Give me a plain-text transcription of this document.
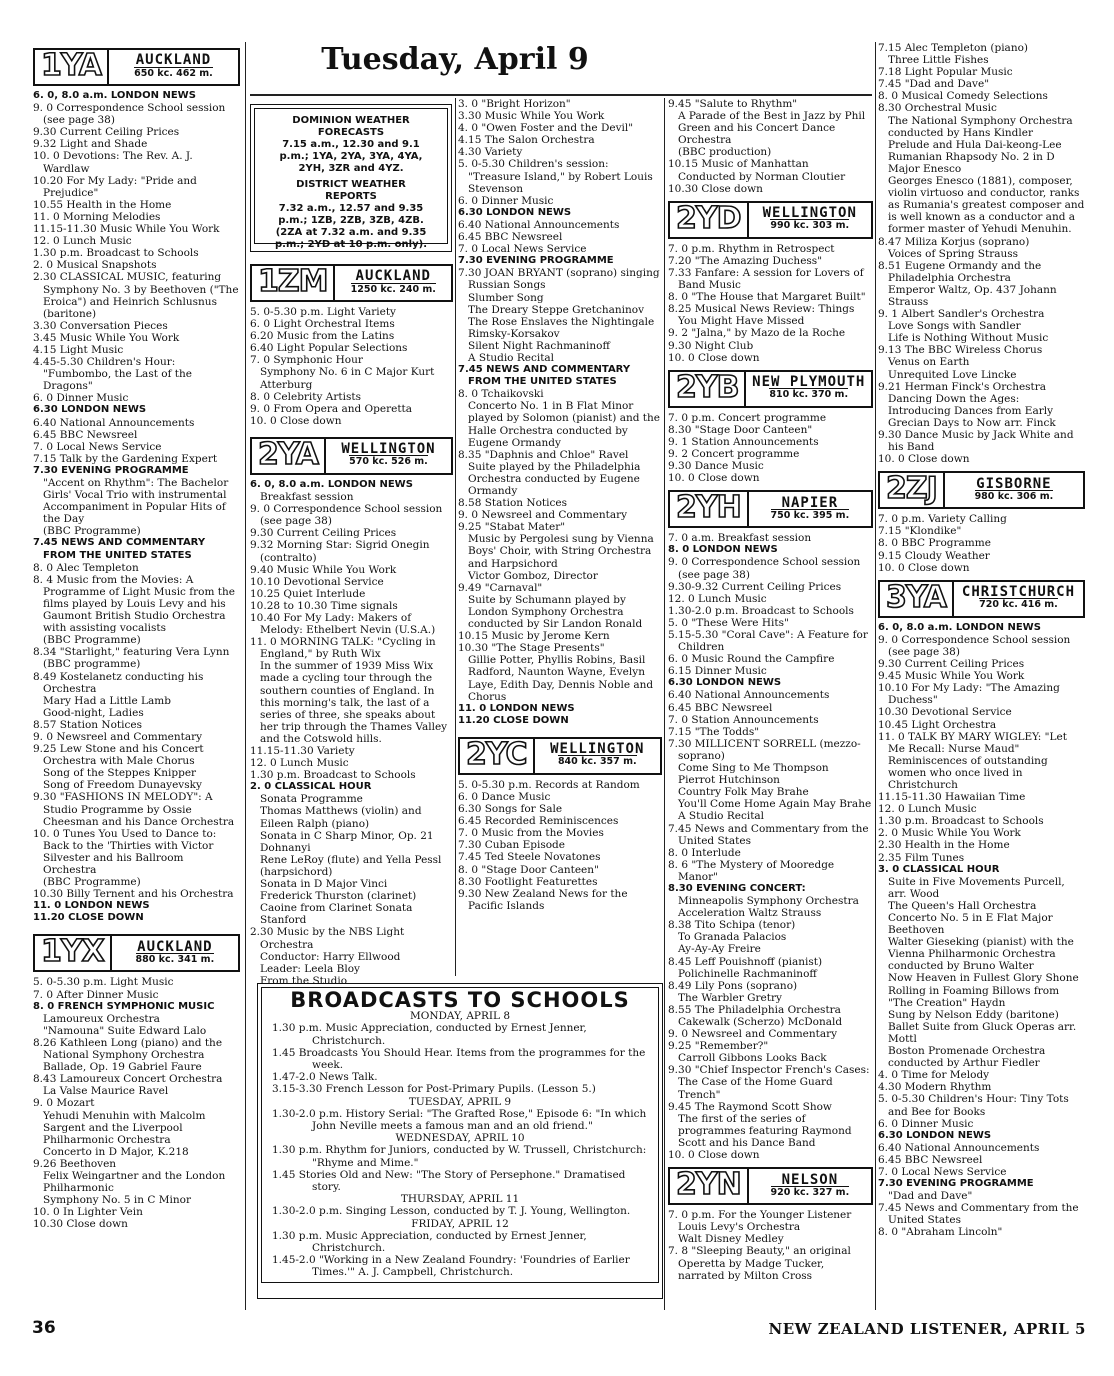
Tuesday, April 9
DOMINION WEATHER
FORECASTS
7.15 a.m., 12.30 and 9.1
p.m.; 1YA, 2YA, 3YA, 4YA,
2YH, 3ZR and 4YZ.
DISTRICT WEATHER
REPORTS
7.32 a.m., 12.57 and 9.35
p.m.; 1ZB, 2ZB, 3ZB, 4ZB.
(2ZA at 7.32 a.m. and 9.35
p.m.; 2YD at 10 p.m. only).
1YA	AUCKLAND
650 kc. 462 m.
6. 0, 8.0 a.m. LONDON NEWS
9. 0 Correspondence School session (see page 38)
9.30 Current Ceiling Prices
9.32 Light and Shade
10. 0 Devotions: The Rev. A. J. Wardlaw
10.20 For My Lady: "Pride and Prejudice"
10.55 Health in the Home
11. 0 Morning Melodies
11.15-11.30 Music While You Work
12. 0 Lunch Music
1.30 p.m. Broadcast to Schools
2. 0 Musical Snapshots
2.30 CLASSICAL MUSIC, featuring Symphony No. 3 by Beethoven ("The Eroica") and Heinrich Schlusnus (baritone)
3.30 Conversation Pieces
3.45 Music While You Work
4.15 Light Music
4.45-5.30 Children's Hour: "Fumbombo, the Last of the Dragons"
6. 0 Dinner Music
6.30 LONDON NEWS
6.40 National Announcements
6.45 BBC Newsreel
7. 0 Local News Service
7.15 Talk by the Gardening Expert
7.30 EVENING PROGRAMME
"Accent on Rhythm": The Bachelor Girls' Vocal Trio with instrumental Accompaniment in Popular Hits of the Day
(BBC Programme)
7.45 NEWS AND COMMENTARY FROM THE UNITED STATES
8. 0 Alec Templeton
8. 4 Music from the Movies: A Programme of Light Music from the films played by Louis Levy and his Gaumont British Studio Orchestra with assisting vocalists
(BBC Programme)
8.34 "Starlight," featuring Vera Lynn (BBC programme)
8.49 Kostelanetz conducting his Orchestra
Mary Had a Little Lamb
Good-night, Ladies
8.57 Station Notices
9. 0 Newsreel and Commentary
9.25 Lew Stone and his Concert Orchestra with Male Chorus
Song of the Steppes Knipper
Song of Freedom Dunayevsky
9.30 "FASHIONS IN MELODY": A Studio Programme by Ossie Cheesman and his Dance Orchestra
10. 0 Tunes You Used to Dance to: Back to the 'Thirties with Victor Silvester and his Ballroom Orchestra
(BBC Programme)
10.30 Billy Ternent and his Orchestra
11. 0 LONDON NEWS
11.20 CLOSE DOWN
1YX	AUCKLAND
880 kc. 341 m.
5. 0-5.30 p.m. Light Music
7. 0 After Dinner Music
8. 0 FRENCH SYMPHONIC MUSIC
Lamoureux Orchestra
"Namouna" Suite Edward Lalo
8.26 Kathleen Long (piano) and the National Symphony Orchestra
Ballade, Op. 19 Gabriel Faure
8.43 Lamoureux Concert Orchestra
La Valse Maurice Ravel
9. 0 Mozart
Yehudi Menuhin with Malcolm Sargent and the Liverpool Philharmonic Orchestra
Concerto in D Major, K.218
9.26 Beethoven
Felix Weingartner and the London Philharmonic
Symphony No. 5 in C Minor
10. 0 In Lighter Vein
10.30 Close down
1ZM	AUCKLAND
1250 kc. 240 m.
5. 0-5.30 p.m. Light Variety
6. 0 Light Orchestral Items
6.20 Music from the Latins
6.40 Light Popular Selections
7. 0 Symphonic Hour
Symphony No. 6 in C Major Kurt Atterburg
8. 0 Celebrity Artists
9. 0 From Opera and Operetta
10. 0 Close down
2YA	WELLINGTON
570 kc. 526 m.
6. 0, 8.0 a.m. LONDON NEWS
Breakfast session
9. 0 Correspondence School session (see page 38)
9.30 Current Ceiling Prices
9.32 Morning Star: Sigrid Onegin (contralto)
9.40 Music While You Work
10.10 Devotional Service
10.25 Quiet Interlude
10.28 to 10.30 Time signals
10.40 For My Lady: Makers of Melody: Ethelbert Nevin (U.S.A.)
11. 0 MORNING TALK: "Cycling in England," by Ruth Wix
In the summer of 1939 Miss Wix made a cycling tour through the southern counties of England. In this morning's talk, the last of a series of three, she speaks about her trip through the Thames Valley and the Cotswold hills.
11.15-11.30 Variety
12. 0 Lunch Music
1.30 p.m. Broadcast to Schools
2. 0 CLASSICAL HOUR
Sonata Programme
Thomas Matthews (violin) and Eileen Ralph (piano)
Sonata in C Sharp Minor, Op. 21 Dohnanyi
Rene LeRoy (flute) and Yella Pessl (harpsichord)
Sonata in D Major Vinci
Frederick Thurston (clarinet)
Caoine from Clarinet Sonata Stanford
2.30 Music by the NBS Light Orchestra
Conductor: Harry Ellwood
Leader: Leela Bloy
From the Studio
3. 0 "Bright Horizon"
3.30 Music While You Work
4. 0 "Owen Foster and the Devil"
4.15 The Salon Orchestra
4.30 Variety
5. 0-5.30 Children's session: "Treasure Island," by Robert Louis Stevenson
6. 0 Dinner Music
6.30 LONDON NEWS
6.40 National Announcements
6.45 BBC Newsreel
7. 0 Local News Service
7.30 EVENING PROGRAMME
7.30 JOAN BRYANT (soprano) singing Russian Songs
Slumber Song
The Dreary Steppe Gretchaninov
The Rose Enslaves the Nightingale Rimsky-Korsakov
Silent Night Rachmaninoff
A Studio Recital
7.45 NEWS AND COMMENTARY FROM THE UNITED STATES
8. 0 Tchaikovski
Concerto No. 1 in B Flat Minor played by Solomon (pianist) and the Halle Orchestra conducted by Eugene Ormandy
8.35 "Daphnis and Chloe" Ravel
Suite played by the Philadelphia Orchestra conducted by Eugene Ormandy
8.58 Station Notices
9. 0 Newsreel and Commentary
9.25 "Stabat Mater"
Music by Pergolesi sung by Vienna Boys' Choir, with String Orchestra and Harpsichord
Victor Gomboz, Director
9.49 "Carnaval"
Suite by Schumann played by London Symphony Orchestra conducted by Sir Landon Ronald
10.15 Music by Jerome Kern
10.30 "The Stage Presents"
Gillie Potter, Phyllis Robins, Basil Radford, Naunton Wayne, Evelyn Laye, Edith Day, Dennis Noble and Chorus
11. 0 LONDON NEWS
11.20 CLOSE DOWN
2YC	WELLINGTON
840 kc. 357 m.
5. 0-5.30 p.m. Records at Random
6. 0 Dance Music
6.30 Songs for Sale
6.45 Recorded Reminiscences
7. 0 Music from the Movies
7.30 Cuban Episode
7.45 Ted Steele Novatones
8. 0 "Stage Door Canteen"
8.30 Footlight Featurettes
9.30 New Zealand News for the Pacific Islands
9.45 "Salute to Rhythm"
A Parade of the Best in Jazz by Phil Green and his Concert Dance Orchestra
(BBC production)
10.15 Music of Manhattan
Conducted by Norman Cloutier
10.30 Close down
2YD	WELLINGTON
990 kc. 303 m.
7. 0 p.m. Rhythm in Retrospect
7.20 "The Amazing Duchess"
7.33 Fanfare: A session for Lovers of Band Music
8. 0 "The House that Margaret Built"
8.25 Musical News Review: Things You Might Have Missed
9. 2 "Jalna," by Mazo de la Roche
9.30 Night Club
10. 0 Close down
2YB NEW PLYMOUTH
810 kc. 370 m.
7. 0 p.m. Concert programme
8.30 "Stage Door Canteen"
9. 1 Station Announcements
9. 2 Concert programme
9.30 Dance Music
10. 0 Close down
2YH	NAPIER
750 kc. 395 m.
7. 0 a.m. Breakfast session
8. 0 LONDON NEWS
9. 0 Correspondence School session (see page 38)
9.30-9.32 Current Ceiling Prices
12. 0 Lunch Music
1.30-2.0 p.m. Broadcast to Schools
5. 0 "These Were Hits"
5.15-5.30 "Coral Cave": A Feature for Children
6. 0 Music Round the Campfire
6.15 Dinner Music
6.30 LONDON NEWS
6.40 National Announcements
6.45 BBC Newsreel
7. 0 Station Announcements
7.15 "The Todds"
7.30 MILLICENT SORRELL (mezzo-soprano)
Come Sing to Me Thompson
Pierrot Hutchinson
Country Folk May Brahe
You'll Come Home Again May Brahe
A Studio Recital
7.45 News and Commentary from the United States
8. 0 Interlude
8. 6 "The Mystery of Mooredge Manor"
8.30 EVENING CONCERT:
Minneapolis Symphony Orchestra
Acceleration Waltz Strauss
8.38 Tito Schipa (tenor)
To Granada Palacios
Ay-Ay-Ay Freire
8.45 Leff Pouishnoff (pianist)
Polichinelle Rachmaninoff
8.49 Lily Pons (soprano)
The Warbler Gretry
8.55 The Philadelphia Orchestra
Cakewalk (Scherzo) McDonald
9. 0 Newsreel and Commentary
9.25 "Remember?"
Carroll Gibbons Looks Back
9.30 "Chief Inspector French's Cases: The Case of the Home Guard Trench"
9.45 The Raymond Scott Show
The first of the series of programmes featuring Raymond Scott and his Dance Band
10. 0 Close down
2YN	NELSON
920 kc. 327 m.
7. 0 p.m. For the Younger Listener
Louis Levy's Orchestra
Walt Disney Medley
7. 8 "Sleeping Beauty," an original Operetta by Madge Tucker, narrated by Milton Cross
7.15 Alec Templeton (piano)
Three Little Fishes
7.18 Light Popular Music
7.45 "Dad and Dave"
8. 0 Musical Comedy Selections
8.30 Orchestral Music
The National Symphony Orchestra conducted by Hans Kindler
Prelude and Hula Dai-keong-Lee
Rumanian Rhapsody No. 2 in D Major Enesco
Georges Enesco (1881), composer, violin virtuoso and conductor, ranks as Rumania's greatest composer and is well known as a conductor and a former master of Yehudi Menuhin.
8.47 Miliza Korjus (soprano)
Voices of Spring Strauss
8.51 Eugene Ormandy and the Philadelphia Orchestra
Emperor Waltz, Op. 437 Johann Strauss
9. 1 Albert Sandler's Orchestra
Love Songs with Sandler
Life is Nothing Without Music
9.13 The BBC Wireless Chorus
Venus on Earth
Unrequited Love Lincke
9.21 Herman Finck's Orchestra
Dancing Down the Ages: Introducing Dances from Early Grecian Days to Now arr. Finck
9.30 Dance Music by Jack White and his Band
10. 0 Close down
2ZJ	GISBORNE
980 kc. 306 m.
7. 0 p.m. Variety Calling
7.15 "Klondike"
8. 0 BBC Programme
9.15 Cloudy Weather
10. 0 Close down
3YA	CHRISTCHURCH
720 kc. 416 m.
6. 0, 8.0 a.m. LONDON NEWS
9. 0 Correspondence School session (see page 38)
9.30 Current Ceiling Prices
9.45 Music While You Work
10.10 For My Lady: "The Amazing Duchess"
10.30 Devotional Service
10.45 Light Orchestra
11. 0 TALK BY MARY WIGLEY: "Let Me Recall: Nurse Maud"
Reminiscences of outstanding women who once lived in Christchurch
11.15-11.30 Hawaiian Time
12. 0 Lunch Music
1.30 p.m. Broadcast to Schools
2. 0 Music While You Work
2.30 Health in the Home
2.35 Film Tunes
3. 0 CLASSICAL HOUR
Suite in Five Movements Purcell, arr. Wood
The Queen's Hall Orchestra
Concerto No. 5 in E Flat Major Beethoven
Walter Gieseking (pianist) with the Vienna Philharmonic Orchestra conducted by Bruno Walter
Now Heaven in Fullest Glory Shone
Rolling in Foaming Billows from "The Creation" Haydn
Sung by Nelson Eddy (baritone)
Ballet Suite from Gluck Operas arr. Mottl
Boston Promenade Orchestra conducted by Arthur Fiedler
4. 0 Time for Melody
4.30 Modern Rhythm
5. 0-5.30 Children's Hour: Tiny Tots and Bee for Books
6. 0 Dinner Music
6.30 LONDON NEWS
6.40 National Announcements
6.45 BBC Newsreel
7. 0 Local News Service
7.30 EVENING PROGRAMME
"Dad and Dave"
7.45 News and Commentary from the United States
8. 0 "Abraham Lincoln"
BROADCASTS TO SCHOOLS
MONDAY, APRIL 8
1.30 p.m. Music Appreciation, conducted by Ernest Jenner, Christchurch.
1.45 Broadcasts You Should Hear. Items from the programmes for the week.
1.47-2.0 News Talk.
3.15-3.30 French Lesson for Post-Primary Pupils. (Lesson 5.)
TUESDAY, APRIL 9
1.30-2.0 p.m. History Serial: "The Grafted Rose," Episode 6: "In which John Neville meets a famous man and an old friend."
WEDNESDAY, APRIL 10
1.30 p.m. Rhythm for Juniors, conducted by W. Trussell, Christchurch: "Rhyme and Mime."
1.45 Stories Old and New: "The Story of Persephone." Dramatised story.
THURSDAY, APRIL 11
1.30-2.0 p.m. Singing Lesson, conducted by T. J. Young, Wellington.
FRIDAY, APRIL 12
1.30 p.m. Music Appreciation, conducted by Ernest Jenner, Christchurch.
1.45-2.0 "Working in a New Zealand Foundry: 'Foundries of Earlier Times.'" A. J. Campbell, Christchurch.
36	NEW ZEALAND LISTENER, APRIL 5
